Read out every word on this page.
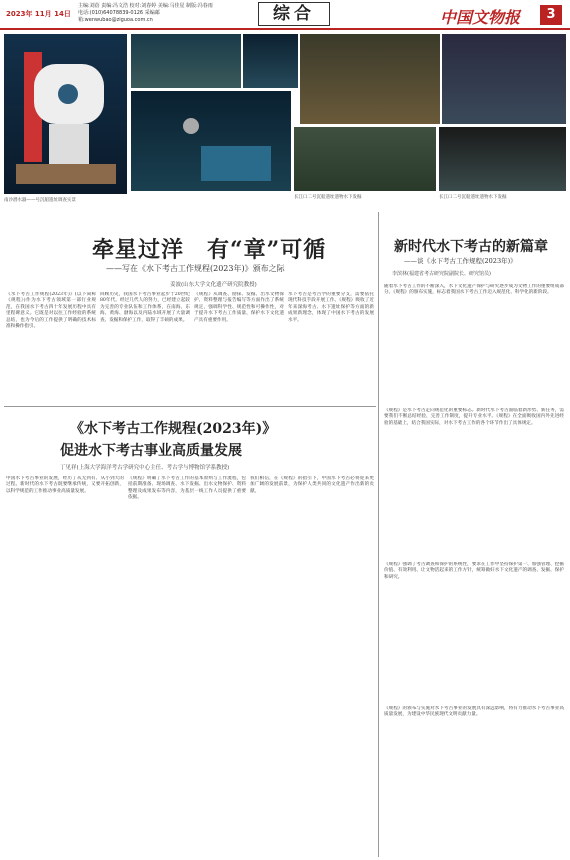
2023年 11月 14日
主编:刘蓓 责编:冯文浩 校对:刘春婷 美编:马佳星 制版:冯春雨
电话:(010)64078839-0126 采编邮箱:wenwubao@ziguoa.com.cn	综合	中国文物报	3
南沙潜水器——号沉船遗址调查实景
长江口二号沉船遗址遗物水下发掘	长江口二号沉船遗址遗物水下发掘
牵星过洋　有“章”可循
——写在《水下考古工作规程(2023年)》颁布之际
姜波(山东大学文化遗产研究院教授)
《水下考古工作规程(2023年)》(以下简称《规程》)作为水下考古领域第一部行业规范，在我国水下考古四十年发展历程中具有里程碑意义。它既是对以往工作经验的系统总结，也为今后的工作提供了明确的技术标准和操作指引。
回顾历史，我国水下考古事业起步于20世纪80年代。经过几代人的努力，已经建立起较为完善的专业队伍和工作体系，在南海、东海、黄海、渤海以及内陆水域开展了大量调查、发掘和保护工作，取得了丰硕的成果。
《规程》从调查、勘探、发掘、出水文物保护、资料整理与报告编写等方面作出了系统规定，强调科学性、规范性和可操作性，对于提升水下考古工作质量、保护水下文化遗产具有重要作用。
水下考古是考古学的重要分支，需要依托现代科技手段开展工作。《规程》吸收了近年来深海考古、水下遗址保护等方面的新成果新理念，体现了中国水下考古的发展水平。
《水下考古工作规程(2023年)》
促进水下考古事业高质量发展
丁见祥(上海大学海洋考古学研究中心主任、考古学与博物馆学系教授)
中国水下考古事业的发展，经历了从无到有、从小到大的过程。新时代的水下考古既要继承传统，又要开拓创新，以科学规范的工作推动事业高质量发展。
《规程》明确了水下考古工作的基本原则与工作流程，包括前期准备、现场调查、水下发掘、出水文物保护、资料整理及成果发布等内容，为基层一线工作人员提供了重要依据。
我们相信，在《规程》的指引下，中国水下考古必将迎来更加广阔的发展前景，为保护人类共同的文化遗产作出新的贡献。
新时代水下考古的新篇章
——谈《水下考古工作规程(2023年)》
李滨林(福建省考古研究院副院长、研究馆员)
随着水下考古工作的不断深入，水下文化遗产保护与研究逐步成为文物工作的重要组成部分。《规程》的颁布实施，标志着我国水下考古工作迈入规范化、科学化的新阶段。
《规程》是水下考古走向规范化的重要标志。新时代水下考古面临着新形势、新任务，需要我们不断总结经验，完善工作制度，提升专业水平。《规程》在全面吸收国内外先进经验的基础上，结合我国实际，对水下考古工作的各个环节作出了具体规定。
《规程》强调了考古调查和保护的系统性，要求在工作中坚持保护第一、加强管理、挖掘价值、有效利用、让文物活起来的工作方针，统筹做好水下文化遗产的调查、发掘、保护和研究。
《规程》的颁布与实施对水下考古事业的发展具有深远影响，将有力推动水下考古事业高质量发展，为建设中华民族现代文明贡献力量。
